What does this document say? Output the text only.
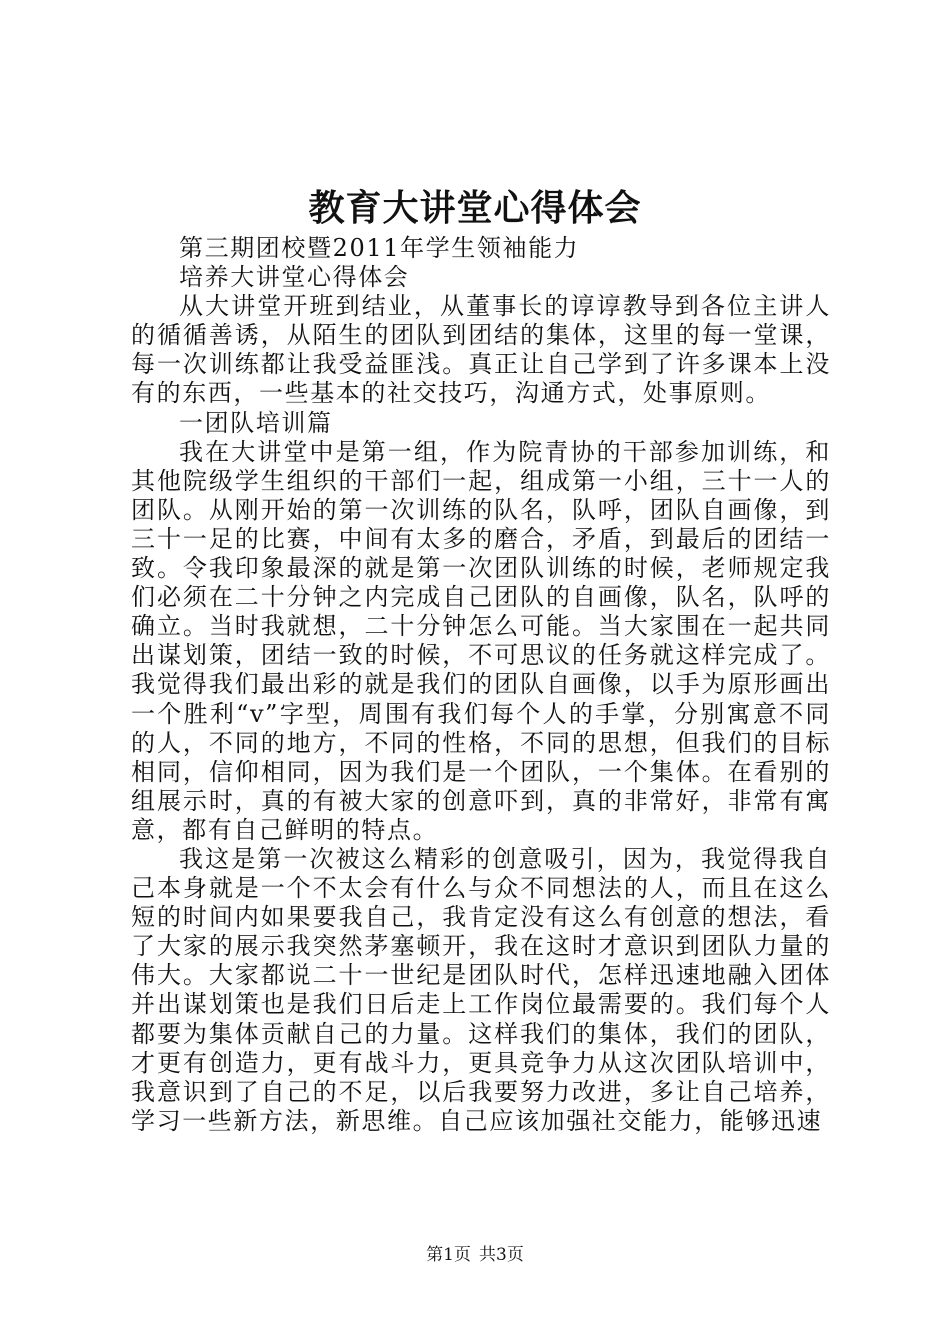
教育大讲堂心得体会

第三期团校暨2011年学生领袖能力

培养大讲堂心得体会

从大讲堂开班到结业，从董事长的谆谆教导到各位主讲人的循循善诱，从陌生的团队到团结的集体，这里的每一堂课，每一次训练都让我受益匪浅。真正让自己学到了许多课本上没有的东西，一些基本的社交技巧，沟通方式，处事原则。

一团队培训篇

我在大讲堂中是第一组，作为院青协的干部参加训练，和其他院级学生组织的干部们一起，组成第一小组，三十一人的团队。从刚开始的第一次训练的队名，队呼，团队自画像，到三十一足的比赛，中间有太多的磨合，矛盾，到最后的团结一致。令我印象最深的就是第一次团队训练的时候，老师规定我们必须在二十分钟之内完成自己团队的自画像，队名，队呼的确立。当时我就想，二十分钟怎么可能。当大家围在一起共同出谋划策，团结一致的时候，不可思议的任务就这样完成了。我觉得我们最出彩的就是我们的团队自画像，以手为原形画出一个胜利“v”字型，周围有我们每个人的手掌，分别寓意不同的人，不同的地方，不同的性格，不同的思想，但我们的目标相同，信仰相同，因为我们是一个团队，一个集体。在看别的组展示时，真的有被大家的创意吓到，真的非常好，非常有寓意，都有自己鲜明的特点。

我这是第一次被这么精彩的创意吸引，因为，我觉得我自己本身就是一个不太会有什么与众不同想法的人，而且在这么短的时间内如果要我自己，我肯定没有这么有创意的想法，看了大家的展示我突然茅塞顿开，我在这时才意识到团队力量的伟大。大家都说二十一世纪是团队时代，怎样迅速地融入团体并出谋划策也是我们日后走上工作岗位最需要的。我们每个人都要为集体贡献自己的力量。这样我们的集体，我们的团队，才更有创造力，更有战斗力，更具竞争力从这次团队培训中，我意识到了自己的不足，以后我要努力改进，多让自己培养，学习一些新方法，新思维。自己应该加强社交能力，能够迅速

第1页 共3页
